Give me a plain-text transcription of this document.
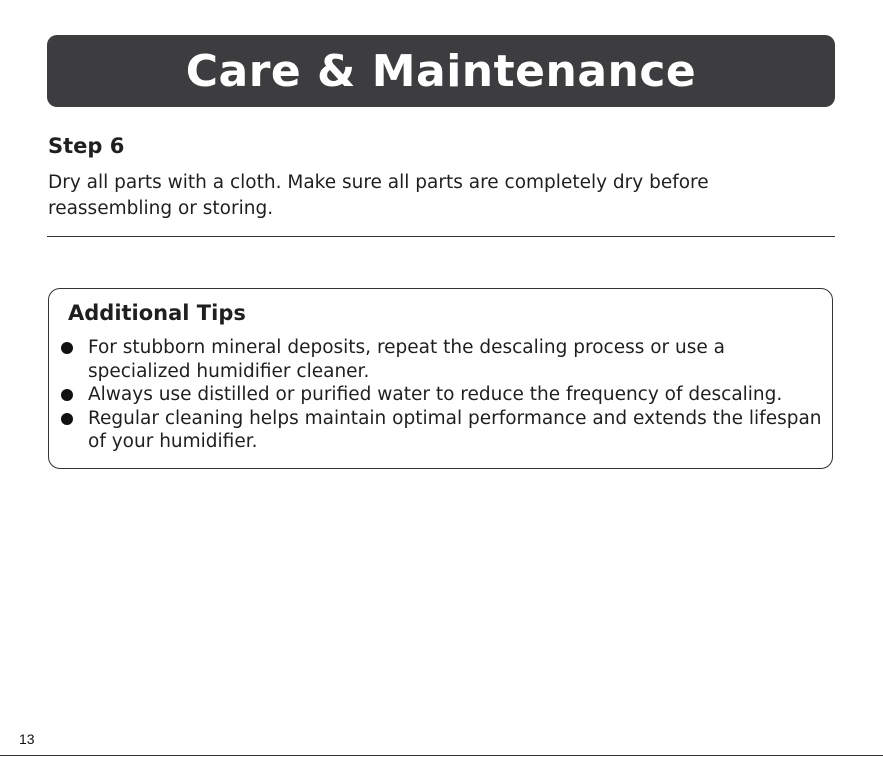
Care & Maintenance
Step 6

Dry all parts with a cloth. Make sure all parts are completely dry before reassembling or storing.

Additional Tips
For stubborn mineral deposits, repeat the descaling process or use a specialized humidifier cleaner.
Always use distilled or purified water to reduce the frequency of descaling.
Regular cleaning helps maintain optimal performance and extends the lifespan of your humidifier.
13
